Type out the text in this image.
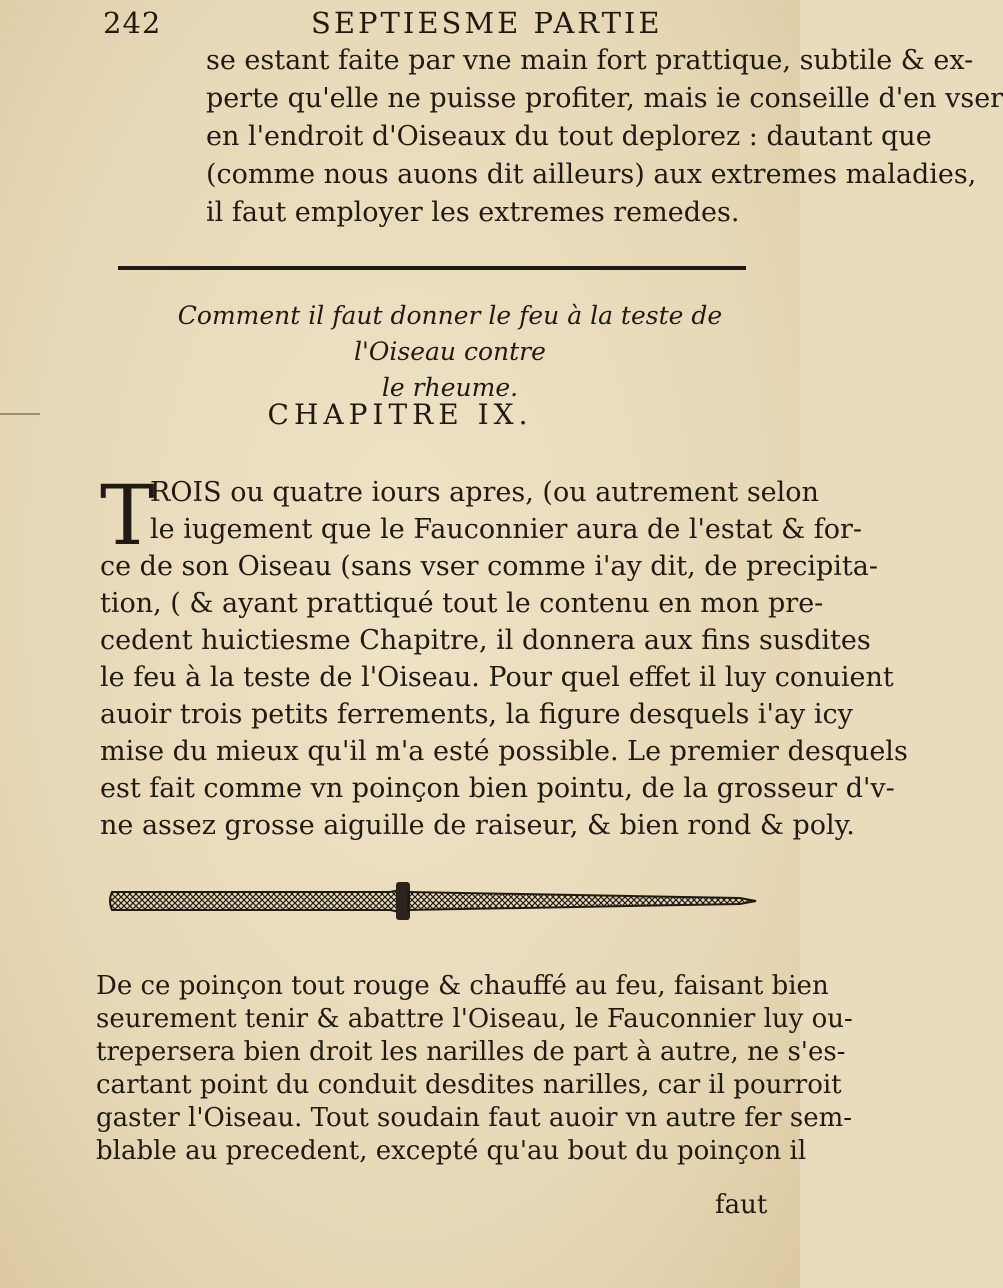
242	SEPTIESME PARTIE
se estant faite par vne main fort prattique, subtile & ex-
perte qu'elle ne puisse profiter, mais ie conseille d'en vser
en l'endroit d'Oiseaux du tout deplorez : dautant que
(comme nous auons dit ailleurs) aux extremes maladies,
il faut employer les extremes remedes.
Comment il faut donner le feu à la teste de l'Oiseau contre
le rheume.
CHAPITRE IX.
T
ROIS ou quatre iours apres, (ou autrement selon
le iugement que le Fauconnier aura de l'estat & for-
ce de son Oiseau (sans vser comme i'ay dit, de precipita-
tion, ( & ayant prattiqué tout le contenu en mon pre-
cedent huictiesme Chapitre, il donnera aux fins susdites
le feu à la teste de l'Oiseau. Pour quel effet il luy conuient
auoir trois petits ferrements, la figure desquels i'ay icy
mise du mieux qu'il m'a esté possible. Le premier desquels
est fait comme vn poinçon bien pointu, de la grosseur d'v-
ne assez grosse aiguille de raiseur, & bien rond & poly.
De ce poinçon tout rouge & chauffé au feu, faisant bien
seurement tenir & abattre l'Oiseau, le Fauconnier luy ou-
trepersera bien droit les narilles de part à autre, ne s'es-
cartant point du conduit desdites narilles, car il pourroit
gaster l'Oiseau. Tout soudain faut auoir vn autre fer sem-
blable au precedent, excepté qu'au bout du poinçon il
faut
